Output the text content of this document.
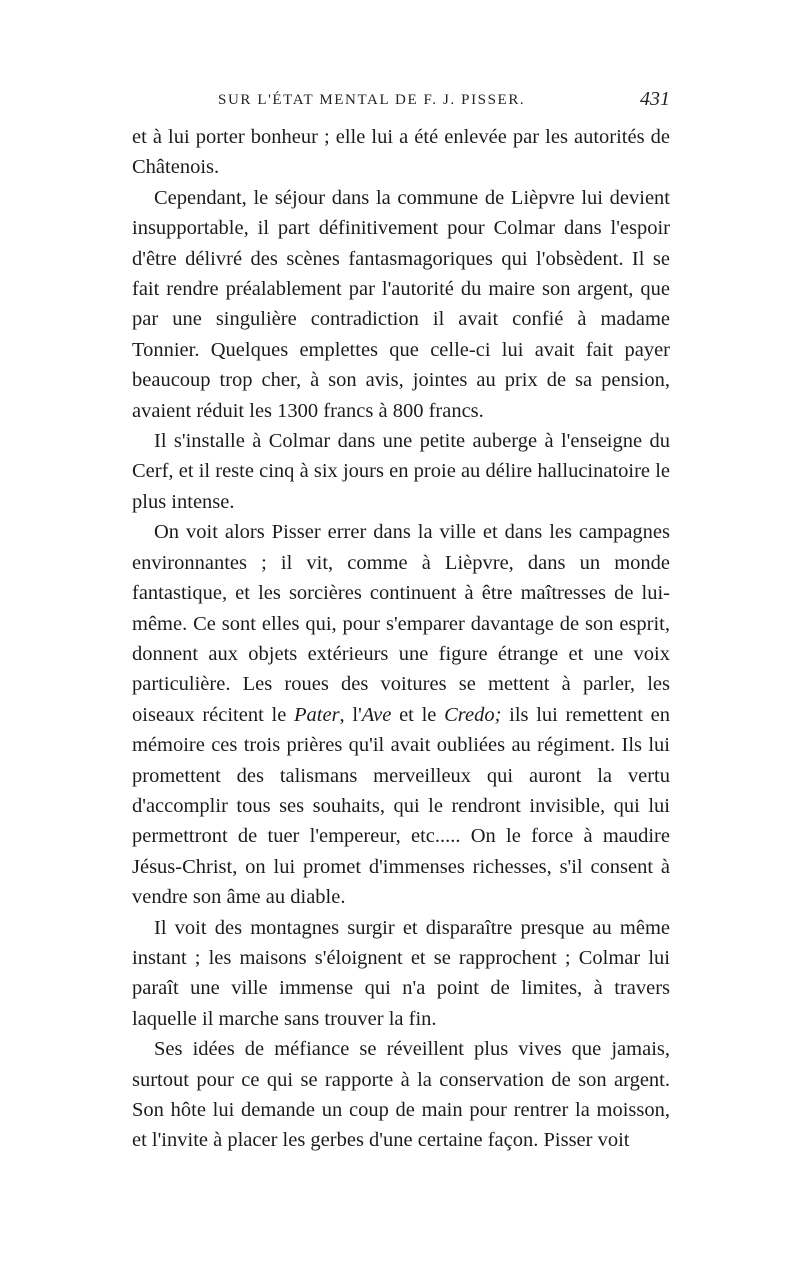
SUR L'ÉTAT MENTAL DE F. J. PISSER.	431

et à lui porter bonheur ; elle lui a été enlevée par les autorités de Châtenois.

Cependant, le séjour dans la commune de Lièpvre lui devient insupportable, il part définitivement pour Colmar dans l'espoir d'être délivré des scènes fantasmagoriques qui l'obsèdent. Il se fait rendre préalablement par l'autorité du maire son argent, que par une singulière contradiction il avait confié à madame Tonnier. Quelques emplettes que celle-ci lui avait fait payer beaucoup trop cher, à son avis, jointes au prix de sa pension, avaient réduit les 1300 francs à 800 francs.

Il s'installe à Colmar dans une petite auberge à l'enseigne du Cerf, et il reste cinq à six jours en proie au délire hallucinatoire le plus intense.

On voit alors Pisser errer dans la ville et dans les campagnes environnantes ; il vit, comme à Lièpvre, dans un monde fantastique, et les sorcières continuent à être maîtresses de lui-même. Ce sont elles qui, pour s'emparer davantage de son esprit, donnent aux objets extérieurs une figure étrange et une voix particulière. Les roues des voitures se mettent à parler, les oiseaux récitent le Pater, l'Ave et le Credo; ils lui remettent en mémoire ces trois prières qu'il avait oubliées au régiment. Ils lui promettent des talismans merveilleux qui auront la vertu d'accomplir tous ses souhaits, qui le rendront invisible, qui lui permettront de tuer l'empereur, etc..... On le force à maudire Jésus-Christ, on lui promet d'immenses richesses, s'il consent à vendre son âme au diable.

Il voit des montagnes surgir et disparaître presque au même instant ; les maisons s'éloignent et se rapprochent ; Colmar lui paraît une ville immense qui n'a point de limites, à travers laquelle il marche sans trouver la fin.

Ses idées de méfiance se réveillent plus vives que jamais, surtout pour ce qui se rapporte à la conservation de son argent. Son hôte lui demande un coup de main pour rentrer la moisson, et l'invite à placer les gerbes d'une certaine façon. Pisser voit
